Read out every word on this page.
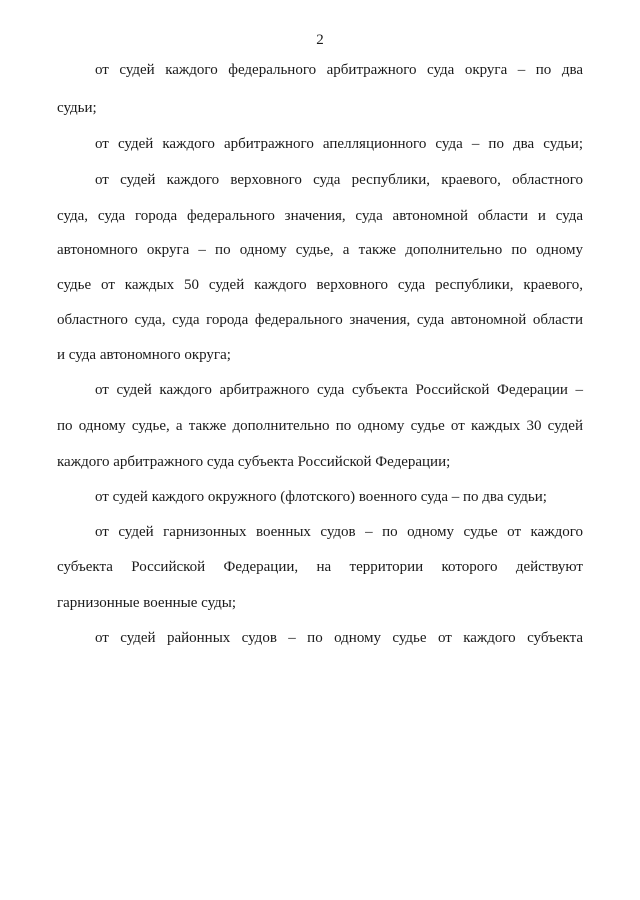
2
от судей каждого федерального арбитражного суда округа – по два
судьи;
от судей каждого арбитражного апелляционного суда – по два судьи;
от судей каждого верховного суда республики, краевого, областного
суда, суда города федерального значения, суда автономной области и суда
автономного округа – по одному судье, а также дополнительно по одному
судье от каждых 50 судей каждого верховного суда республики, краевого,
областного суда, суда города федерального значения, суда автономной области
и суда автономного округа;
от судей каждого арбитражного суда субъекта Российской Федерации –
по одному судье, а также дополнительно по одному судье от каждых 30 судей
каждого арбитражного суда субъекта Российской Федерации;
от судей каждого окружного (флотского) военного суда – по два судьи;
от судей гарнизонных военных судов – по одному судье от каждого
субъекта Российской Федерации, на территории которого действуют
гарнизонные военные суды;
от судей районных судов – по одному судье от каждого субъекта
